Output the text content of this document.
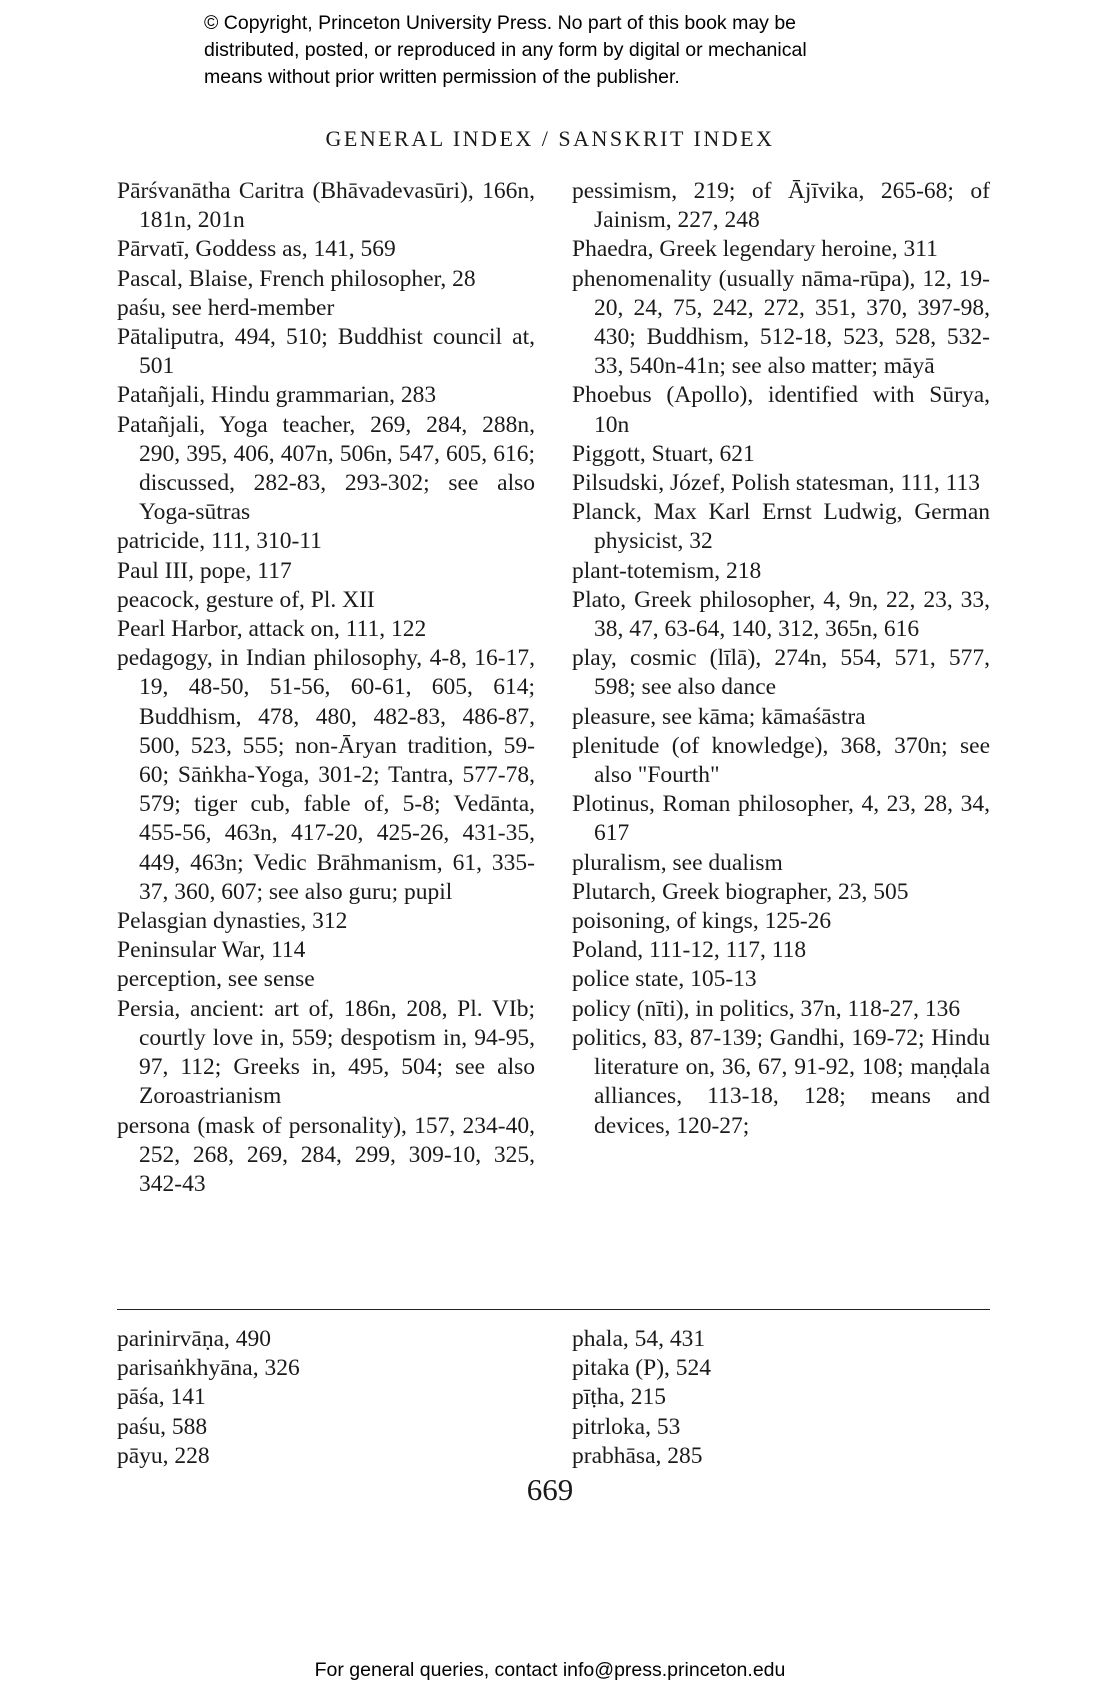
© Copyright, Princeton University Press. No part of this book may be
distributed, posted, or reproduced in any form by digital or mechanical
means without prior written permission of the publisher.
GENERAL INDEX / SANSKRIT INDEX
Pārśvanātha Caritra (Bhāvadevasūri), 166n, 181n, 201n
Pārvatī, Goddess as, 141, 569
Pascal, Blaise, French philosopher, 28
paśu, see herd-member
Pātaliputra, 494, 510; Buddhist council at, 501
Patañjali, Hindu grammarian, 283
Patañjali, Yoga teacher, 269, 284, 288n, 290, 395, 406, 407n, 506n, 547, 605, 616; discussed, 282-83, 293-302; see also Yoga-sūtras
patricide, 111, 310-11
Paul III, pope, 117
peacock, gesture of, Pl. XII
Pearl Harbor, attack on, 111, 122
pedagogy, in Indian philosophy, 4-8, 16-17, 19, 48-50, 51-56, 60-61, 605, 614; Buddhism, 478, 480, 482-83, 486-87, 500, 523, 555; non-Āryan tradition, 59-60; Sāṅkha-Yoga, 301-2; Tantra, 577-78, 579; tiger cub, fable of, 5-8; Vedānta, 455-56, 463n, 417-20, 425-26, 431-35, 449, 463n; Vedic Brāhmanism, 61, 335-37, 360, 607; see also guru; pupil
Pelasgian dynasties, 312
Peninsular War, 114
perception, see sense
Persia, ancient: art of, 186n, 208, Pl. VIb; courtly love in, 559; despotism in, 94-95, 97, 112; Greeks in, 495, 504; see also Zoroastrianism
persona (mask of personality), 157, 234-40, 252, 268, 269, 284, 299, 309-10, 325, 342-43
pessimism, 219; of Ājīvika, 265-68; of Jainism, 227, 248
Phaedra, Greek legendary heroine, 311
phenomenality (usually nāma-rūpa), 12, 19-20, 24, 75, 242, 272, 351, 370, 397-98, 430; Buddhism, 512-18, 523, 528, 532-33, 540n-41n; see also matter; māyā
Phoebus (Apollo), identified with Sūrya, 10n
Piggott, Stuart, 621
Pilsudski, Józef, Polish statesman, 111, 113
Planck, Max Karl Ernst Ludwig, German physicist, 32
plant-totemism, 218
Plato, Greek philosopher, 4, 9n, 22, 23, 33, 38, 47, 63-64, 140, 312, 365n, 616
play, cosmic (līlā), 274n, 554, 571, 577, 598; see also dance
pleasure, see kāma; kāmaśāstra
plenitude (of knowledge), 368, 370n; see also "Fourth"
Plotinus, Roman philosopher, 4, 23, 28, 34, 617
pluralism, see dualism
Plutarch, Greek biographer, 23, 505
poisoning, of kings, 125-26
Poland, 111-12, 117, 118
police state, 105-13
policy (nīti), in politics, 37n, 118-27, 136
politics, 83, 87-139; Gandhi, 169-72; Hindu literature on, 36, 67, 91-92, 108; maṇḍala alliances, 113-18, 128; means and devices, 120-27;
parinirvāṇa, 490
parisaṅkhyāna, 326
pāśa, 141
paśu, 588
pāyu, 228
phala, 54, 431
pitaka (P), 524
pīṭha, 215
pitrloka, 53
prabhāsa, 285
669
For general queries, contact info@press.princeton.edu
